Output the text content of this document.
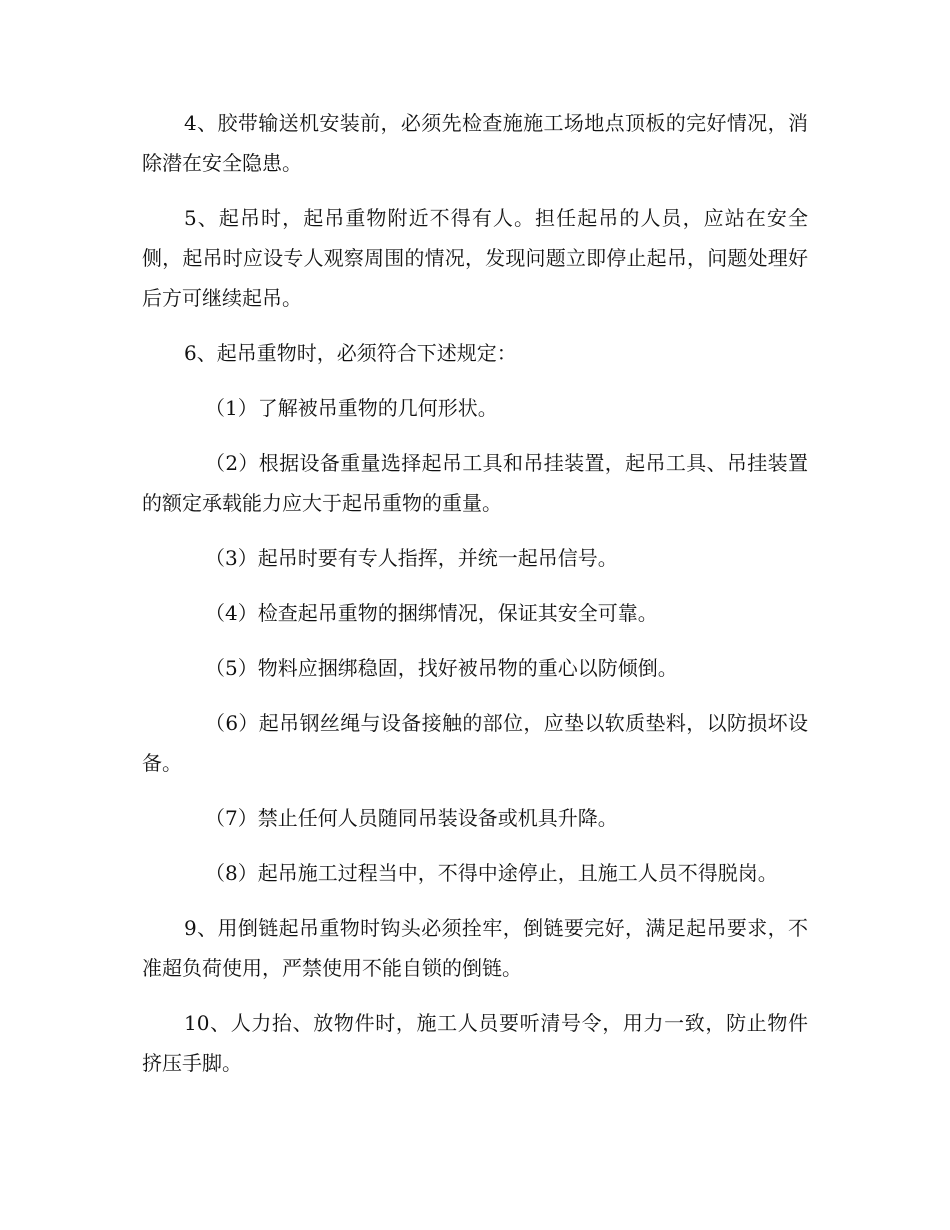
4、胶带输送机安装前，必须先检查施施工场地点顶板的完好情况，消除潜在安全隐患。

5、起吊时，起吊重物附近不得有人。担任起吊的人员，应站在安全侧，起吊时应设专人观察周围的情况，发现问题立即停止起吊，问题处理好后方可继续起吊。

6、起吊重物时，必须符合下述规定：

（1）了解被吊重物的几何形状。

（2）根据设备重量选择起吊工具和吊挂装置，起吊工具、吊挂装置的额定承载能力应大于起吊重物的重量。

（3）起吊时要有专人指挥，并统一起吊信号。

（4）检查起吊重物的捆绑情况，保证其安全可靠。

（5）物料应捆绑稳固，找好被吊物的重心以防倾倒。

（6）起吊钢丝绳与设备接触的部位，应垫以软质垫料，以防损坏设备。

（7）禁止任何人员随同吊装设备或机具升降。

（8）起吊施工过程当中，不得中途停止，且施工人员不得脱岗。

9、用倒链起吊重物时钩头必须拴牢，倒链要完好，满足起吊要求，不准超负荷使用，严禁使用不能自锁的倒链。

10、人力抬、放物件时，施工人员要听清号令，用力一致，防止物件挤压手脚。
